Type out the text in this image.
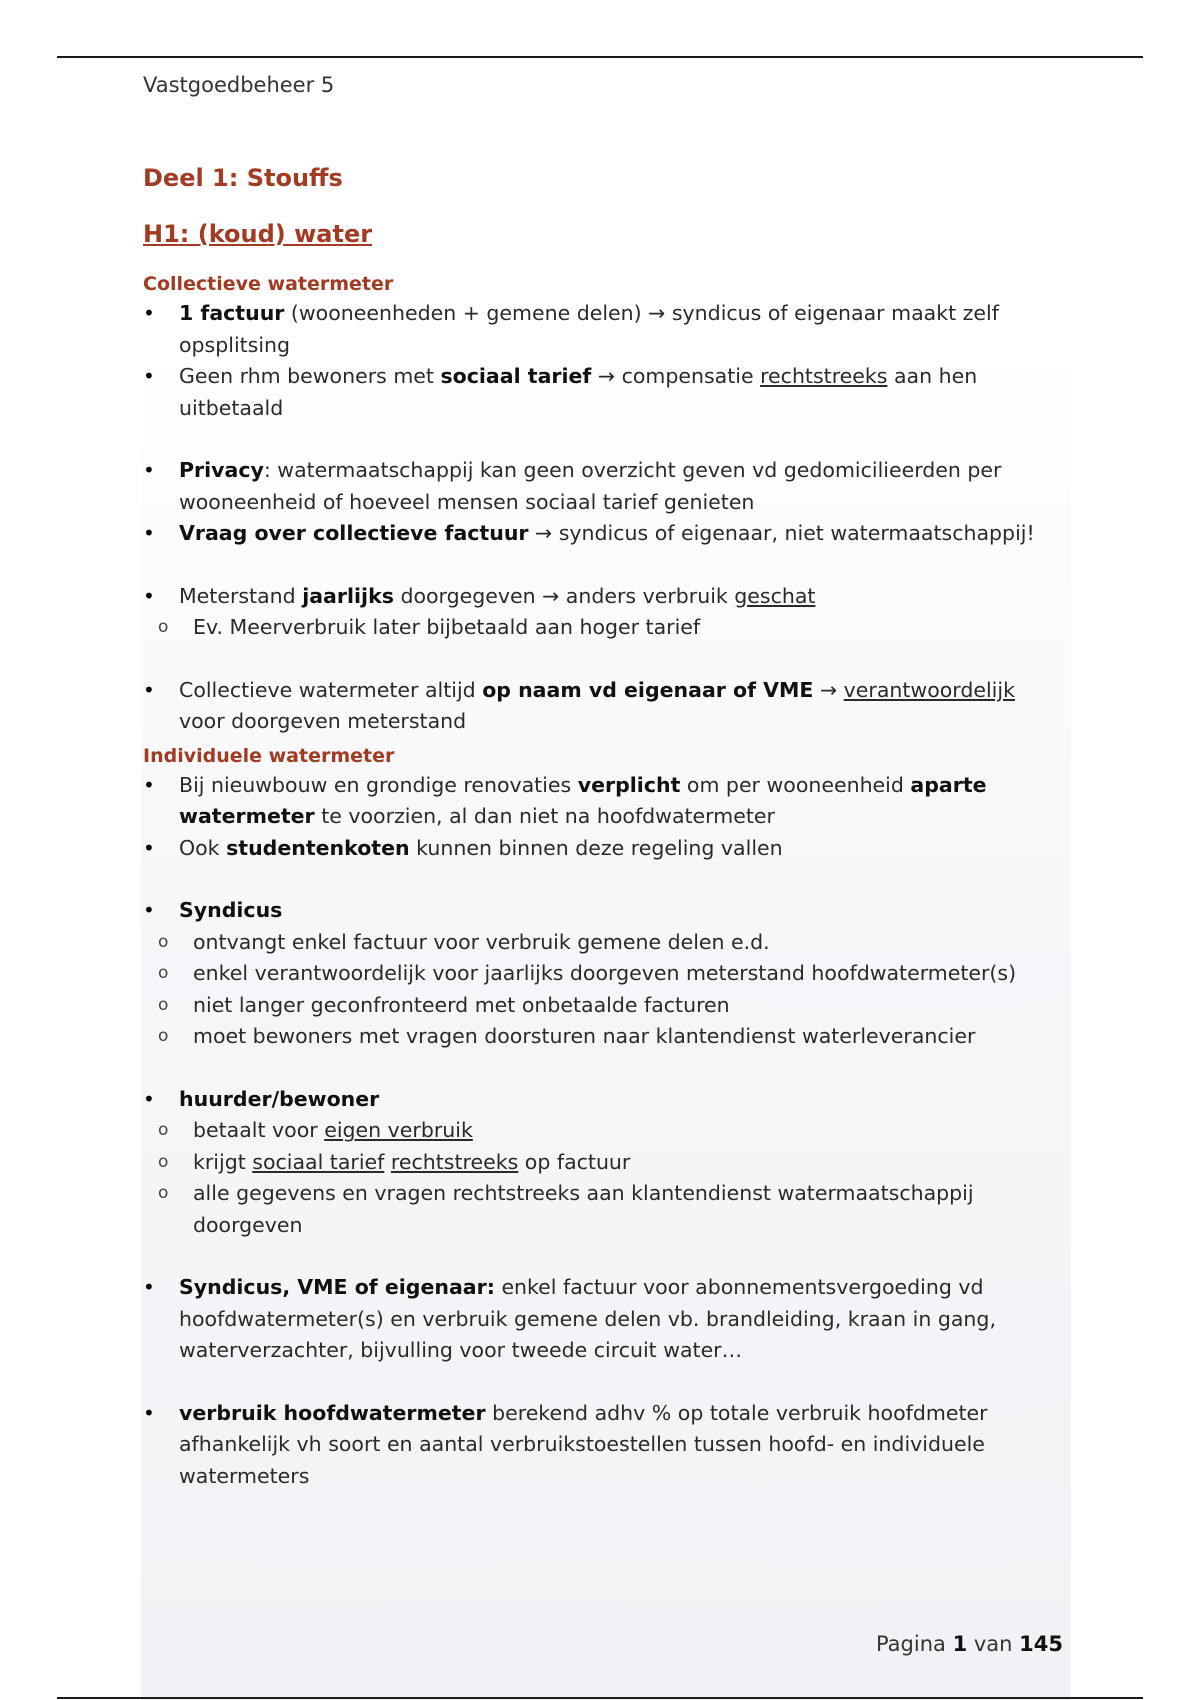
Vastgoedbeheer 5

Deel 1: Stouffs
H1: (koud) water
Collectieve watermeter
• 1 factuur (wooneenheden + gemene delen) → syndicus of eigenaar maakt zelf opsplitsing
• Geen rhm bewoners met sociaal tarief → compensatie rechtstreeks aan hen uitbetaald
• Privacy: watermaatschappij kan geen overzicht geven vd gedomicilieerden per wooneenheid of hoeveel mensen sociaal tarief genieten
• Vraag over collectieve factuur → syndicus of eigenaar, niet watermaatschappij!
• Meterstand jaarlijks doorgegeven → anders verbruik geschat
o Ev. Meerverbruik later bijbetaald aan hoger tarief
• Collectieve watermeter altijd op naam vd eigenaar of VME → verantwoordelijk voor doorgeven meterstand
Individuele watermeter
• Bij nieuwbouw en grondige renovaties verplicht om per wooneenheid aparte watermeter te voorzien, al dan niet na hoofdwatermeter
• Ook studentenkoten kunnen binnen deze regeling vallen
• Syndicus
o ontvangt enkel factuur voor verbruik gemene delen e.d.
o enkel verantwoordelijk voor jaarlijks doorgeven meterstand hoofdwatermeter(s)
o niet langer geconfronteerd met onbetaalde facturen
o moet bewoners met vragen doorsturen naar klantendienst waterleverancier
• huurder/bewoner
o betaalt voor eigen verbruik
o krijgt sociaal tarief rechtstreeks op factuur
o alle gegevens en vragen rechtstreeks aan klantendienst watermaatschappij doorgeven
• Syndicus, VME of eigenaar: enkel factuur voor abonnementsvergoeding vd hoofdwatermeter(s) en verbruik gemene delen vb. brandleiding, kraan in gang, waterverzachter, bijvulling voor tweede circuit water…
• verbruik hoofdwatermeter berekend adhv % op totale verbruik hoofdmeter afhankelijk vh soort en aantal verbruikstoestellen tussen hoofd- en individuele watermeters
Pagina 1 van 145
